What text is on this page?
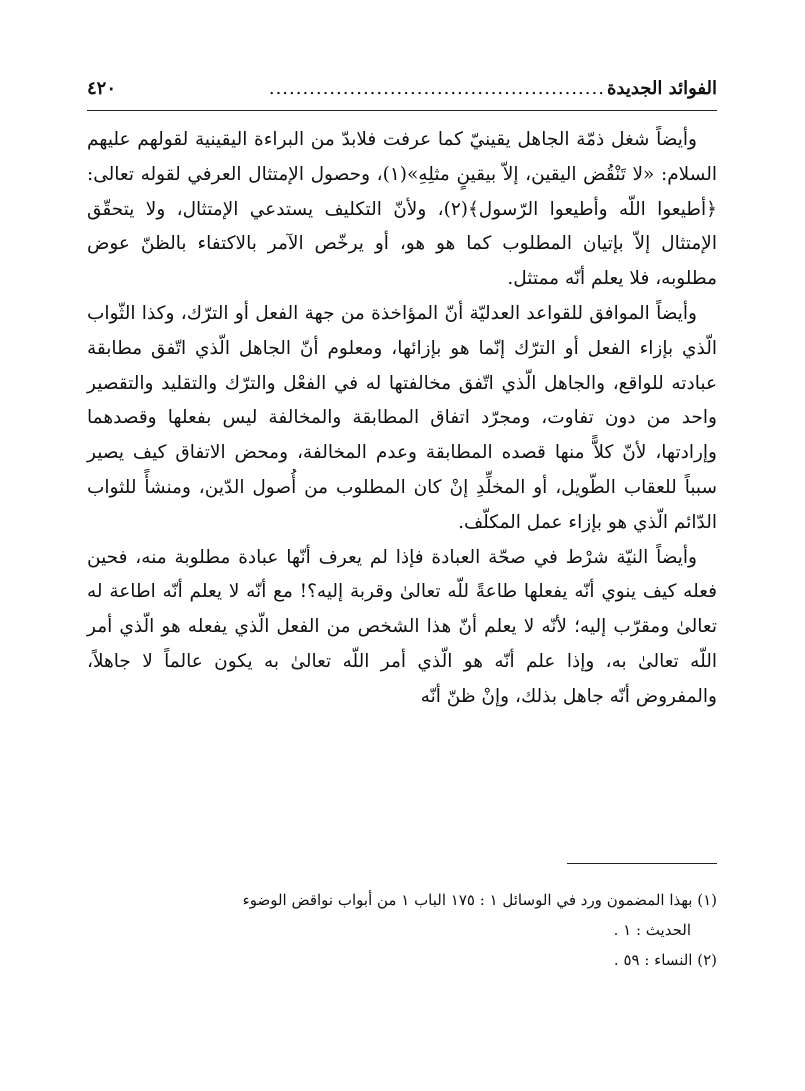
الفوائد الجديدة
..................................................
٤٢٠

وأيضاً شغل ذمّة الجاهل يقينيّ كما عرفت فلابدّ من البراءة اليقينية لقولهم عليهم السلام: «لا تَنْقُض اليقين، إلاّ بيقينٍ مثلِهِ»(١)، وحصول الإمتثال العرفي لقوله تعالى: ﴿أطيعوا اللّه وأطيعوا الرّسول﴾(٢)، ولأنّ التكليف يستدعي الإمتثال، ولا يتحقّق الإمتثال إلاّ بإتيان المطلوب كما هو هو، أو يرخّص الآمر بالاكتفاء بالظنّ عوض مطلوبه، فلا يعلم أنّه ممتثل.

وأيضاً الموافق للقواعد العدليّة أنّ المؤاخذة من جهة الفعل أو الترّك، وكذا الثّواب الّذي بإزاء الفعل أو الترّك إنّما هو بإزائها، ومعلوم أنّ الجاهل الّذي اتّفق مطابقة عبادته للواقع، والجاهل الّذي اتّفق مخالفتها له في الفعْل والترّك والتقليد والتقصير واحد من دون تفاوت، ومجرّد اتفاق المطابقة والمخالفة ليس بفعلها وقصدهما وإرادتها، لأنّ كلاًّ منها قصده المطابقة وعدم المخالفة، ومحض الاتفاق كيف يصير سبباً للعقاب الطّويل، أو المخلِّدِ إنْ كان المطلوب من أُصول الدّين، ومنشأً للثواب الدّائم الّذي هو بإزاء عمل المكلّف.

وأيضاً النيّة شرْط في صحّة العبادة فإذا لم يعرف أنّها عبادة مطلوبة منه، فحين فعله كيف ينوي أنّه يفعلها طاعةً للّه تعالىٰ وقربة إليه؟! مع أنّه لا يعلم أنّه اطاعة له تعالىٰ ومقرّب إليه؛ لأنّه لا يعلم أنّ هذا الشخص من الفعل الّذي يفعله هو الّذي أمر اللّه تعالىٰ به، وإذا علم أنّه هو الّذي أمر اللّه تعالىٰ به يكون عالماً لا جاهلاً، والمفروض أنّه جاهل بذلك، وإنْ ظنّ أنّه

(١) بهذا المضمون ورد في الوسائل ١ : ١٧٥ الباب ١ من أبواب نواقض الوضوء

الحديث : ١ .

(٢) النساء : ٥٩ .
